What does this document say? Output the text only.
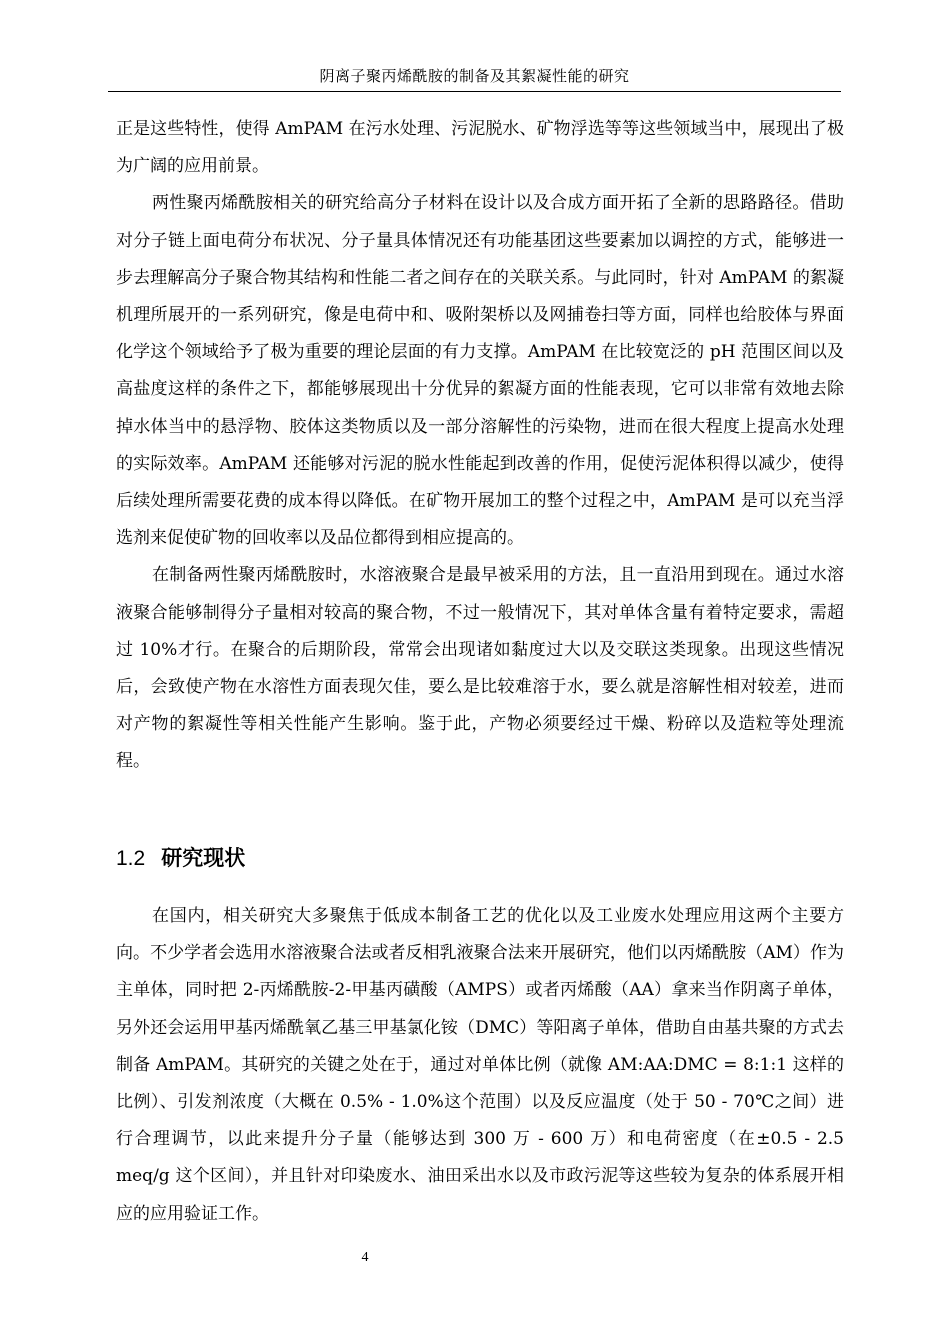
阴离子聚丙烯酰胺的制备及其絮凝性能的研究

正是这些特性，使得 AmPAM 在污水处理、污泥脱水、矿物浮选等等这些领域当中，展现出了极为广阔的应用前景。

两性聚丙烯酰胺相关的研究给高分子材料在设计以及合成方面开拓了全新的思路路径。借助对分子链上面电荷分布状况、分子量具体情况还有功能基团这些要素加以调控的方式，能够进一步去理解高分子聚合物其结构和性能二者之间存在的关联关系。与此同时，针对 AmPAM 的絮凝机理所展开的一系列研究，像是电荷中和、吸附架桥以及网捕卷扫等方面，同样也给胶体与界面化学这个领域给予了极为重要的理论层面的有力支撑。AmPAM 在比较宽泛的 pH 范围区间以及高盐度这样的条件之下，都能够展现出十分优异的絮凝方面的性能表现，它可以非常有效地去除掉水体当中的悬浮物、胶体这类物质以及一部分溶解性的污染物，进而在很大程度上提高水处理的实际效率。AmPAM 还能够对污泥的脱水性能起到改善的作用，促使污泥体积得以减少，使得后续处理所需要花费的成本得以降低。在矿物开展加工的整个过程之中，AmPAM 是可以充当浮选剂来促使矿物的回收率以及品位都得到相应提高的。

在制备两性聚丙烯酰胺时，水溶液聚合是最早被采用的方法，且一直沿用到现在。通过水溶液聚合能够制得分子量相对较高的聚合物，不过一般情况下，其对单体含量有着特定要求，需超过 10%才行。在聚合的后期阶段，常常会出现诸如黏度过大以及交联这类现象。出现这些情况后，会致使产物在水溶性方面表现欠佳，要么是比较难溶于水，要么就是溶解性相对较差，进而对产物的絮凝性等相关性能产生影响。鉴于此，产物必须要经过干燥、粉碎以及造粒等处理流程。

1.2 研究现状

在国内，相关研究大多聚焦于低成本制备工艺的优化以及工业废水处理应用这两个主要方向。不少学者会选用水溶液聚合法或者反相乳液聚合法来开展研究，他们以丙烯酰胺（AM）作为主单体，同时把 2-丙烯酰胺-2-甲基丙磺酸（AMPS）或者丙烯酸（AA）拿来当作阴离子单体，另外还会运用甲基丙烯酰氧乙基三甲基氯化铵（DMC）等阳离子单体，借助自由基共聚的方式去制备 AmPAM。其研究的关键之处在于，通过对单体比例（就像 AM:AA:DMC = 8:1:1 这样的比例）、引发剂浓度（大概在 0.5% - 1.0%这个范围）以及反应温度（处于 50 - 70℃之间）进行合理调节，以此来提升分子量（能够达到 300 万 - 600 万）和电荷密度（在±0.5 - 2.5 meq/g 这个区间），并且针对印染废水、油田采出水以及市政污泥等这些较为复杂的体系展开相应的应用验证工作。

4
